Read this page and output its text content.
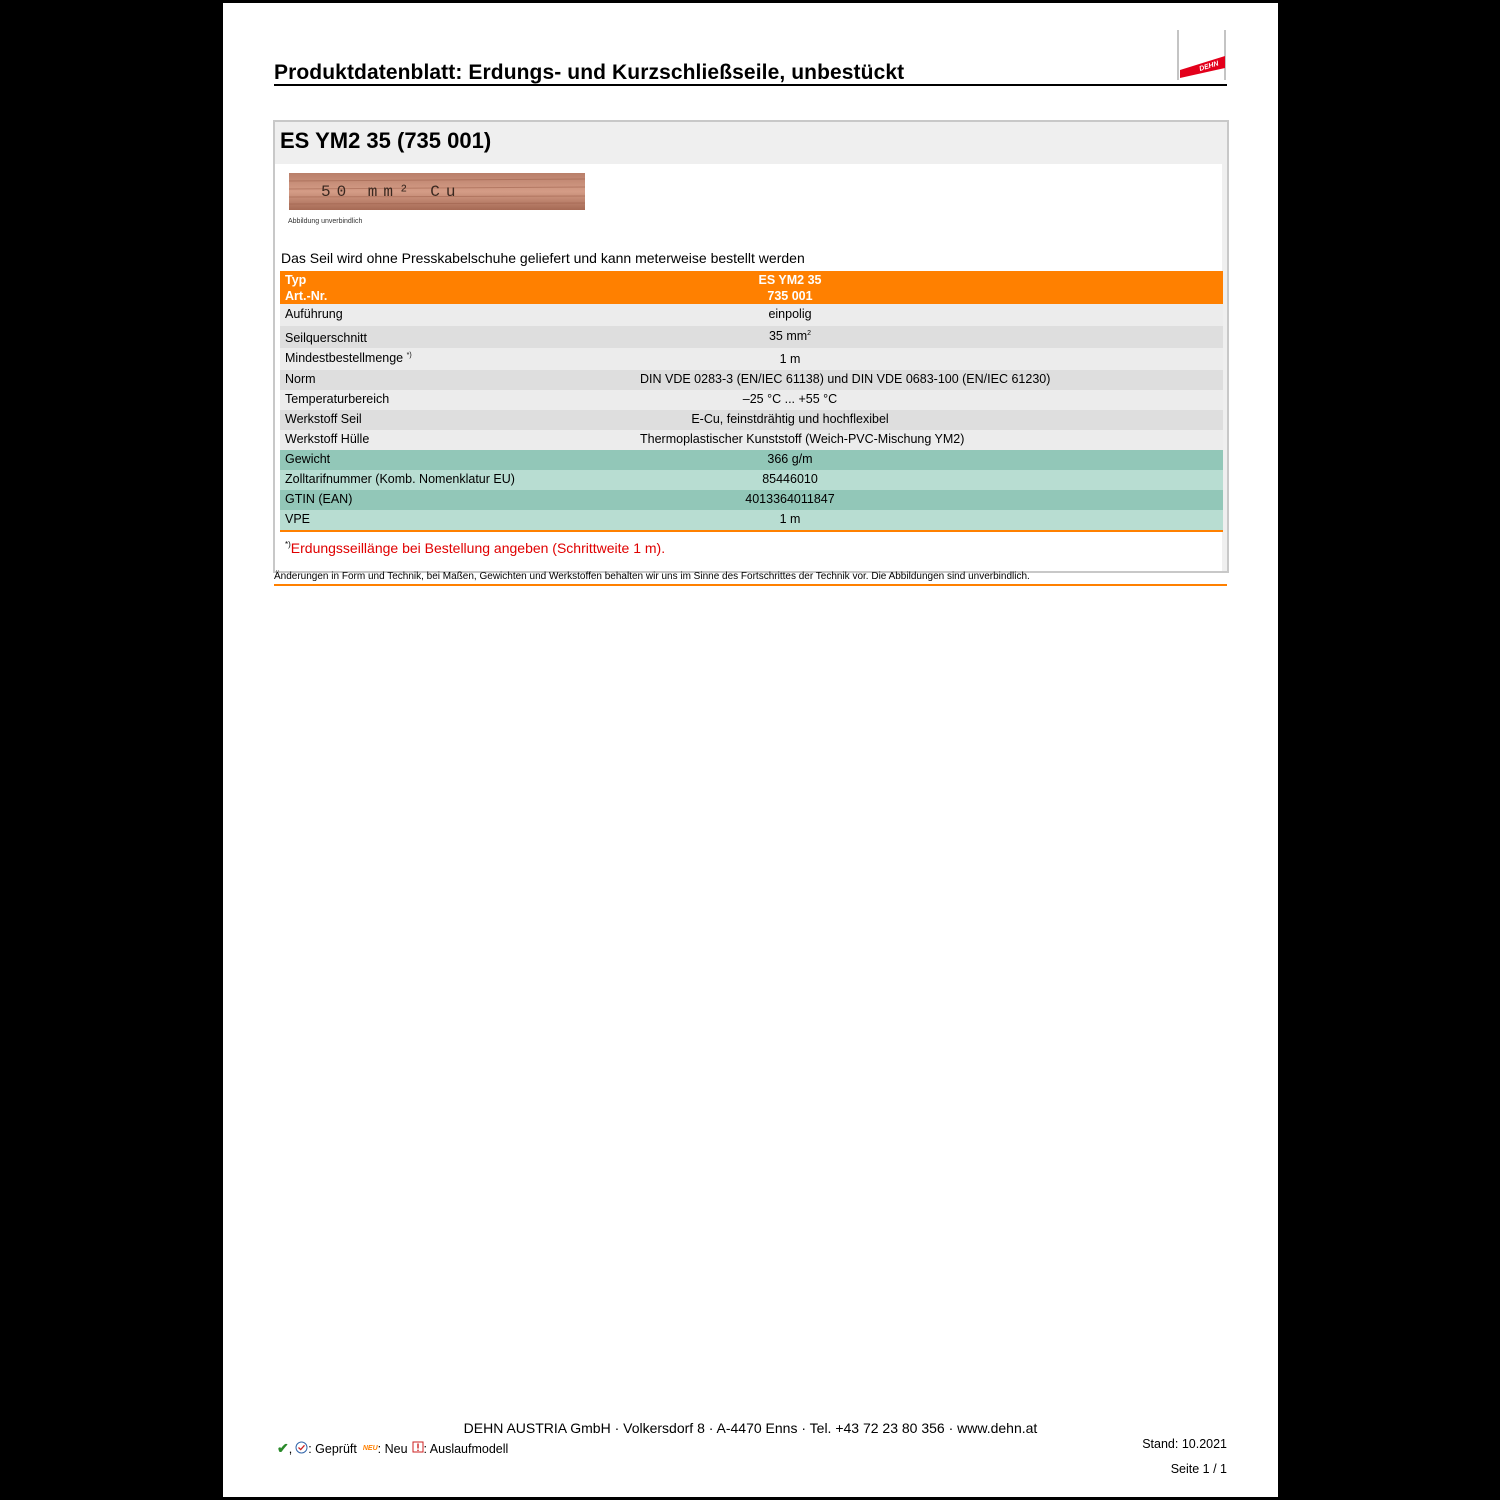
Produktdatenblatt: Erdungs- und Kurzschließseile, unbestückt	DEHN
ES YM2 35 (735 001)
50 mm² Cu
Abbildung unverbindlich
Das Seil wird ohne Presskabelschuhe geliefert und kann meterweise bestellt werden
Typ	ES YM2 35
Art.-Nr.	735 001
Auführung	einpolig
Seilquerschnitt	35 $mm^2$
Mindestbestellmenge *)	1 m
Norm	DIN VDE 0283-3 (EN/IEC 61138) und DIN VDE 0683-100 (EN/IEC 61230)
Temperaturbereich	–25 °C ... +55 °C
Werkstoff Seil	E-Cu, feinstdrähtig und hochflexibel
Werkstoff Hülle	Thermoplastischer Kunststoff (Weich-PVC-Mischung YM2)
Gewicht	366 g/m
Zolltarifnummer (Komb. Nomenklatur EU)	85446010
GTIN (EAN)	4013364011847
VPE	1 m
*)Erdungsseillänge bei Bestellung angeben (Schrittweite 1 m).
Änderungen in Form und Technik, bei Maßen, Gewichten und Werkstoffen behalten wir uns im Sinne des Fortschrittes der Technik vor. Die Abbildungen sind unverbindlich.
DEHN AUSTRIA GmbH · Volkersdorf 8 · A-4470 Enns · Tel. +43 72 23 80 356 · www.dehn.at
✔ , : Geprüft NEU : Neu : Auslaufmodell	Stand: 10.2021
Seite 1 / 1
